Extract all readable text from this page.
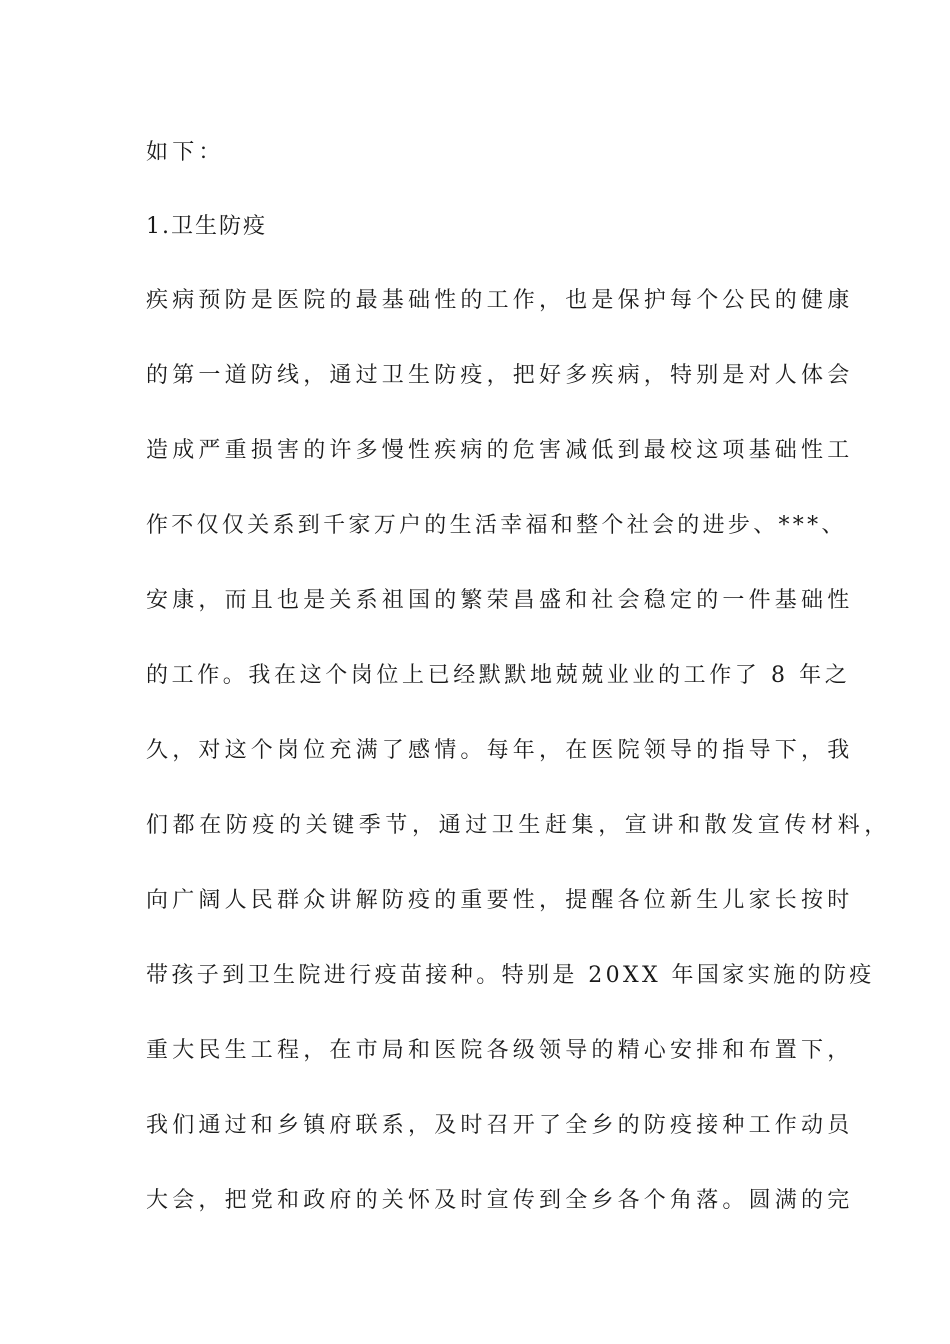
如下：
1.卫生防疫
疾病预防是医院的最基础性的工作，也是保护每个公民的健康
的第一道防线，通过卫生防疫，把好多疾病，特别是对人体会
造成严重损害的许多慢性疾病的危害减低到最校这项基础性工
作不仅仅关系到千家万户的生活幸福和整个社会的进步、***、
安康，而且也是关系祖国的繁荣昌盛和社会稳定的一件基础性
的工作。我在这个岗位上已经默默地兢兢业业的工作了 8 年之
久，对这个岗位充满了感情。每年，在医院领导的指导下，我
们都在防疫的关键季节，通过卫生赶集，宣讲和散发宣传材料，
向广阔人民群众讲解防疫的重要性，提醒各位新生儿家长按时
带孩子到卫生院进行疫苗接种。特别是 20XX 年国家实施的防疫
重大民生工程，在市局和医院各级领导的精心安排和布置下，
我们通过和乡镇府联系，及时召开了全乡的防疫接种工作动员
大会，把党和政府的关怀及时宣传到全乡各个角落。圆满的完
